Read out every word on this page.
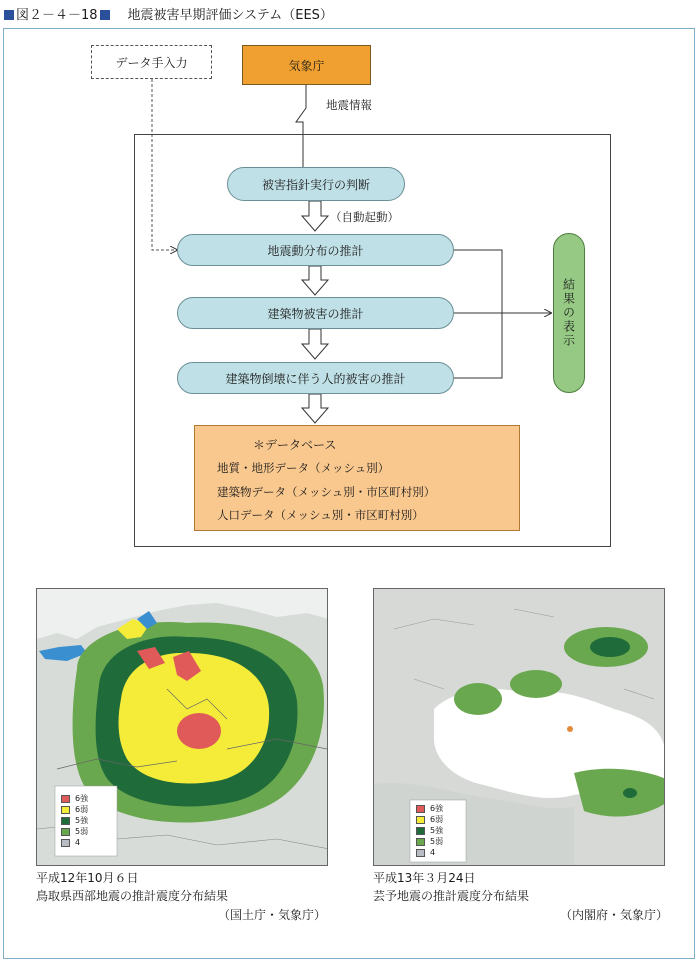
図２－４－18 地震被害早期評価システム（EES）
データ手入力	気象庁
地震情報
被害指針実行の判断
（自動起動）
地震動分布の推計
建築物被害の推計
建築物倒壊に伴う人的被害の推計
結果の表示
＊データベース
地質・地形データ（メッシュ別）
建築物データ（メッシュ別・市区町村別）
人口データ（メッシュ別・市区町村別）
6強
6弱
5強
5弱
4
6強
6弱
5強
5弱
4
平成12年10月６日
鳥取県西部地震の推計震度分布結果
（国土庁・気象庁）
平成13年３月24日
芸予地震の推計震度分布結果
（内閣府・気象庁）
